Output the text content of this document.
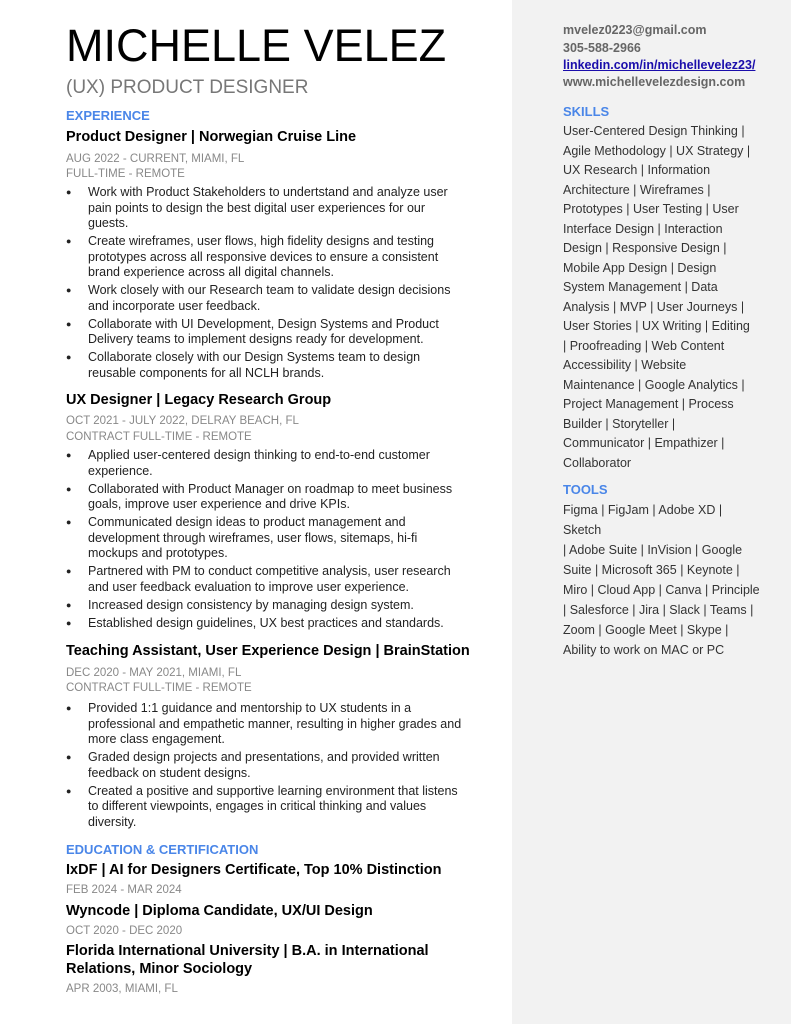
MICHELLE VELEZ
(UX) PRODUCT DESIGNER
EXPERIENCE
Product Designer | Norwegian Cruise Line
AUG 2022 - CURRENT, MIAMI, FL
FULL-TIME - REMOTE
● Work with Product Stakeholders to undertstand and analyze user pain points to design the best digital user experiences for our guests.
● Create wireframes, user flows, high fidelity designs and testing prototypes across all responsive devices to ensure a consistent brand experience across all digital channels.
● Work closely with our Research team to validate design decisions and incorporate user feedback.
● Collaborate with UI Development, Design Systems and Product Delivery teams to implement designs ready for development.
● Collaborate closely with our Design Systems team to design reusable components for all NCLH brands.
UX Designer | Legacy Research Group
OCT 2021 - JULY 2022, DELRAY BEACH, FL
CONTRACT FULL-TIME - REMOTE
● Applied user-centered design thinking to end-to-end customer experience.
● Collaborated with Product Manager on roadmap to meet business goals, improve user experience and drive KPIs.
● Communicated design ideas to product management and development through wireframes, user flows, sitemaps, hi-fi mockups and prototypes.
● Partnered with PM to conduct competitive analysis, user research and user feedback evaluation to improve user experience.
● Increased design consistency by managing design system.
● Established design guidelines, UX best practices and standards.
Teaching Assistant, User Experience Design | BrainStation
DEC 2020 - MAY 2021, MIAMI, FL
CONTRACT FULL-TIME - REMOTE
● Provided 1:1 guidance and mentorship to UX students in a professional and empathetic manner, resulting in higher grades and more class engagement.
● Graded design projects and presentations, and provided written feedback on student designs.
● Created a positive and supportive learning environment that listens to different viewpoints, engages in critical thinking and values diversity.
EDUCATION & CERTIFICATION
IxDF | AI for Designers Certificate, Top 10% Distinction
FEB 2024 - MAR 2024
Wyncode | Diploma Candidate, UX/UI Design
OCT 2020 - DEC 2020
Florida International University | B.A. in International Relations, Minor Sociology
APR 2003, MIAMI, FL
mvelez0223@gmail.com
305-588-2966
linkedin.com/in/michellevelez23/
www.michellevelezdesign.com
SKILLS
User-Centered Design Thinking |
Agile Methodology | UX Strategy |
UX Research | Information
Architecture | Wireframes |
Prototypes | User Testing | User
Interface Design | Interaction
Design | Responsive Design |
Mobile App Design | Design
System Management | Data
Analysis | MVP | User Journeys |
User Stories | UX Writing | Editing
| Proofreading | Web Content
Accessibility | Website
Maintenance | Google Analytics |
Project Management | Process
Builder | Storyteller |
Communicator | Empathizer |
Collaborator
TOOLS
Figma | FigJam | Adobe XD | Sketch
| Adobe Suite | InVision | Google
Suite | Microsoft 365 | Keynote |
Miro | Cloud App | Canva | Principle
| Salesforce | Jira | Slack | Teams |
Zoom | Google Meet | Skype |
Ability to work on MAC or PC
